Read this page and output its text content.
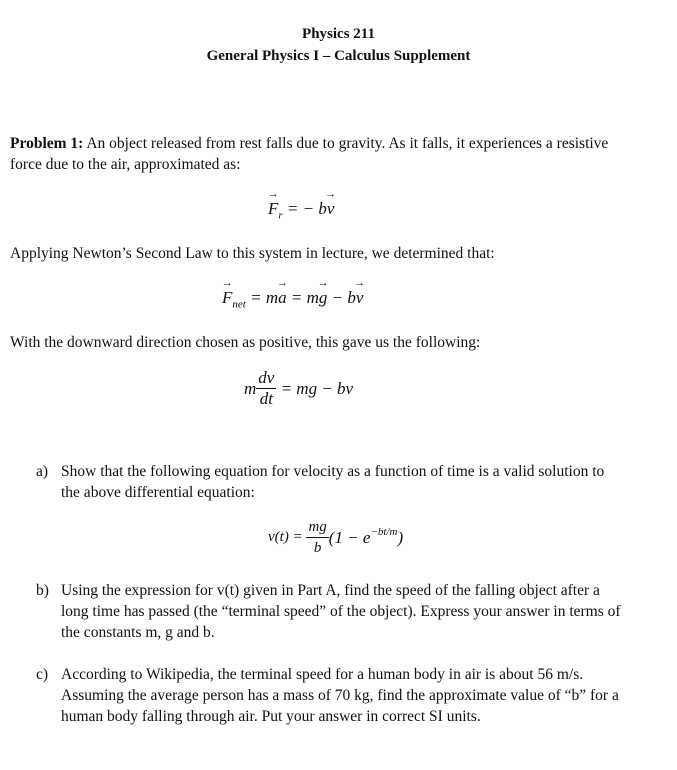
Physics 211
General Physics I – Calculus Supplement
Problem 1: An object released from rest falls due to gravity. As it falls, it experiences a resistive force due to the air, approximated as:
→ $F_r$ = − b→ v
Applying Newton’s Second Law to this system in lecture, we determined that:
→ $F_{net} = m\to a = m\to g - b\to v$
With the downward direction chosen as positive, this gave us the following:
m $\frac{dv}{dt}$ = mg − bv
a) Show that the following equation for velocity as a function of time is a valid solution to the above differential equation:
$v(t) = \frac{mg}{b} (1 - e^{-bt/m}$ )
b) Using the expression for v(t) given in Part A, find the speed of the falling object after a long time has passed (the “terminal speed” of the object). Express your answer in terms of the constants m, g and b.
c) According to Wikipedia, the terminal speed for a human body in air is about 56 m/s. Assuming the average person has a mass of 70 kg, find the approximate value of “b” for a human body falling through air. Put your answer in correct SI units.
